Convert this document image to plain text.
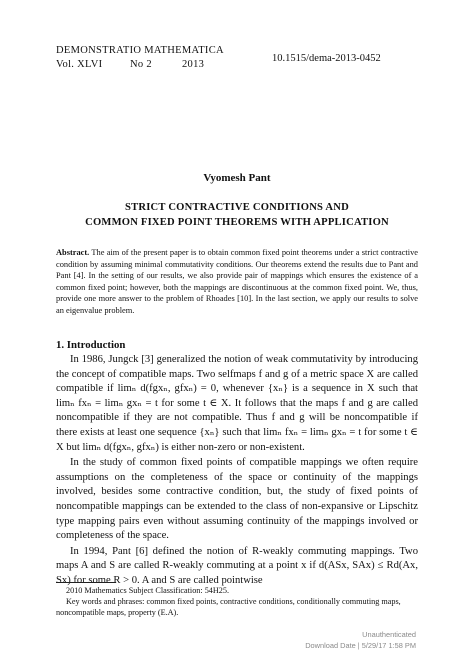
DEMONSTRATIO MATHEMATICA
Vol. XLVI	No 2	2013
10.1515/dema-2013-0452
Vyomesh Pant
STRICT CONTRACTIVE CONDITIONS AND
COMMON FIXED POINT THEOREMS WITH APPLICATION
Abstract. The aim of the present paper is to obtain common fixed point theorems under a strict contractive condition by assuming minimal commutativity conditions. Our theorems extend the results due to Pant and Pant [4]. In the setting of our results, we also provide pair of mappings which ensures the existence of a common fixed point; however, both the mappings are discontinuous at the common fixed point. We, thus, provide one more answer to the problem of Rhoades [10]. In the last section, we apply our results to solve an eigenvalue problem.
1. Introduction

In 1986, Jungck [3] generalized the notion of weak commutativity by introducing the concept of compatible maps. Two selfmaps f and g of a metric space X are called compatible if limₙ d(fgxₙ, gfxₙ) = 0, whenever {xₙ} is a sequence in X such that limₙ fxₙ = limₙ gxₙ = t for some t ∈ X. It follows that the maps f and g are called noncompatible if they are not compatible. Thus f and g will be noncompatible if there exists at least one sequence {xₙ} such that limₙ fxₙ = limₙ gxₙ = t for some t ∈ X but limₙ d(fgxₙ, gfxₙ) is either non-zero or non-existent.

In the study of common fixed points of compatible mappings we often require assumptions on the completeness of the space or continuity of the mappings involved, besides some contractive condition, but, the study of fixed points of noncompatible mappings can be extended to the class of non-expansive or Lipschitz type mapping pairs even without assuming continuity of the mappings involved or completeness of the space.

In 1994, Pant [6] defined the notion of R-weakly commuting mappings. Two maps A and S are called R-weakly commuting at a point x if d(ASx, SAx) ≤ Rd(Ax, Sx) for some R > 0. A and S are called pointwise

2010 Mathematics Subject Classification: 54H25.

Key words and phrases: common fixed points, contractive conditions, conditionally commuting maps, noncompatible maps, property (E.A).

Unauthenticated
Download Date | 5/29/17 1:58 PM
